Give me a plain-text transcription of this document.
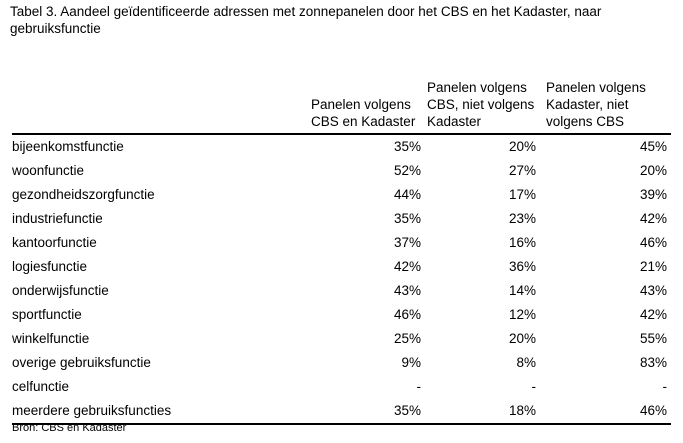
Tabel 3. Aandeel geïdentificeerde adressen met zonnepanelen door het CBS en het Kadaster, naar gebruiksfunctie
	Panelen volgens CBS en Kadaster	Panelen volgens CBS, niet volgens Kadaster	Panelen volgens Kadaster, niet volgens CBS
bijeenkomstfunctie	35%	20%	45%
woonfunctie	52%	27%	20%
gezondheidszorgfunctie	44%	17%	39%
industriefunctie	35%	23%	42%
kantoorfunctie	37%	16%	46%
logiesfunctie	42%	36%	21%
onderwijsfunctie	43%	14%	43%
sportfunctie	46%	12%	42%
winkelfunctie	25%	20%	55%
overige gebruiksfunctie	9%	8%	83%
celfunctie	-	-	-
meerdere gebruiksfuncties	35%	18%	46%
Bron: CBS en Kadaster
